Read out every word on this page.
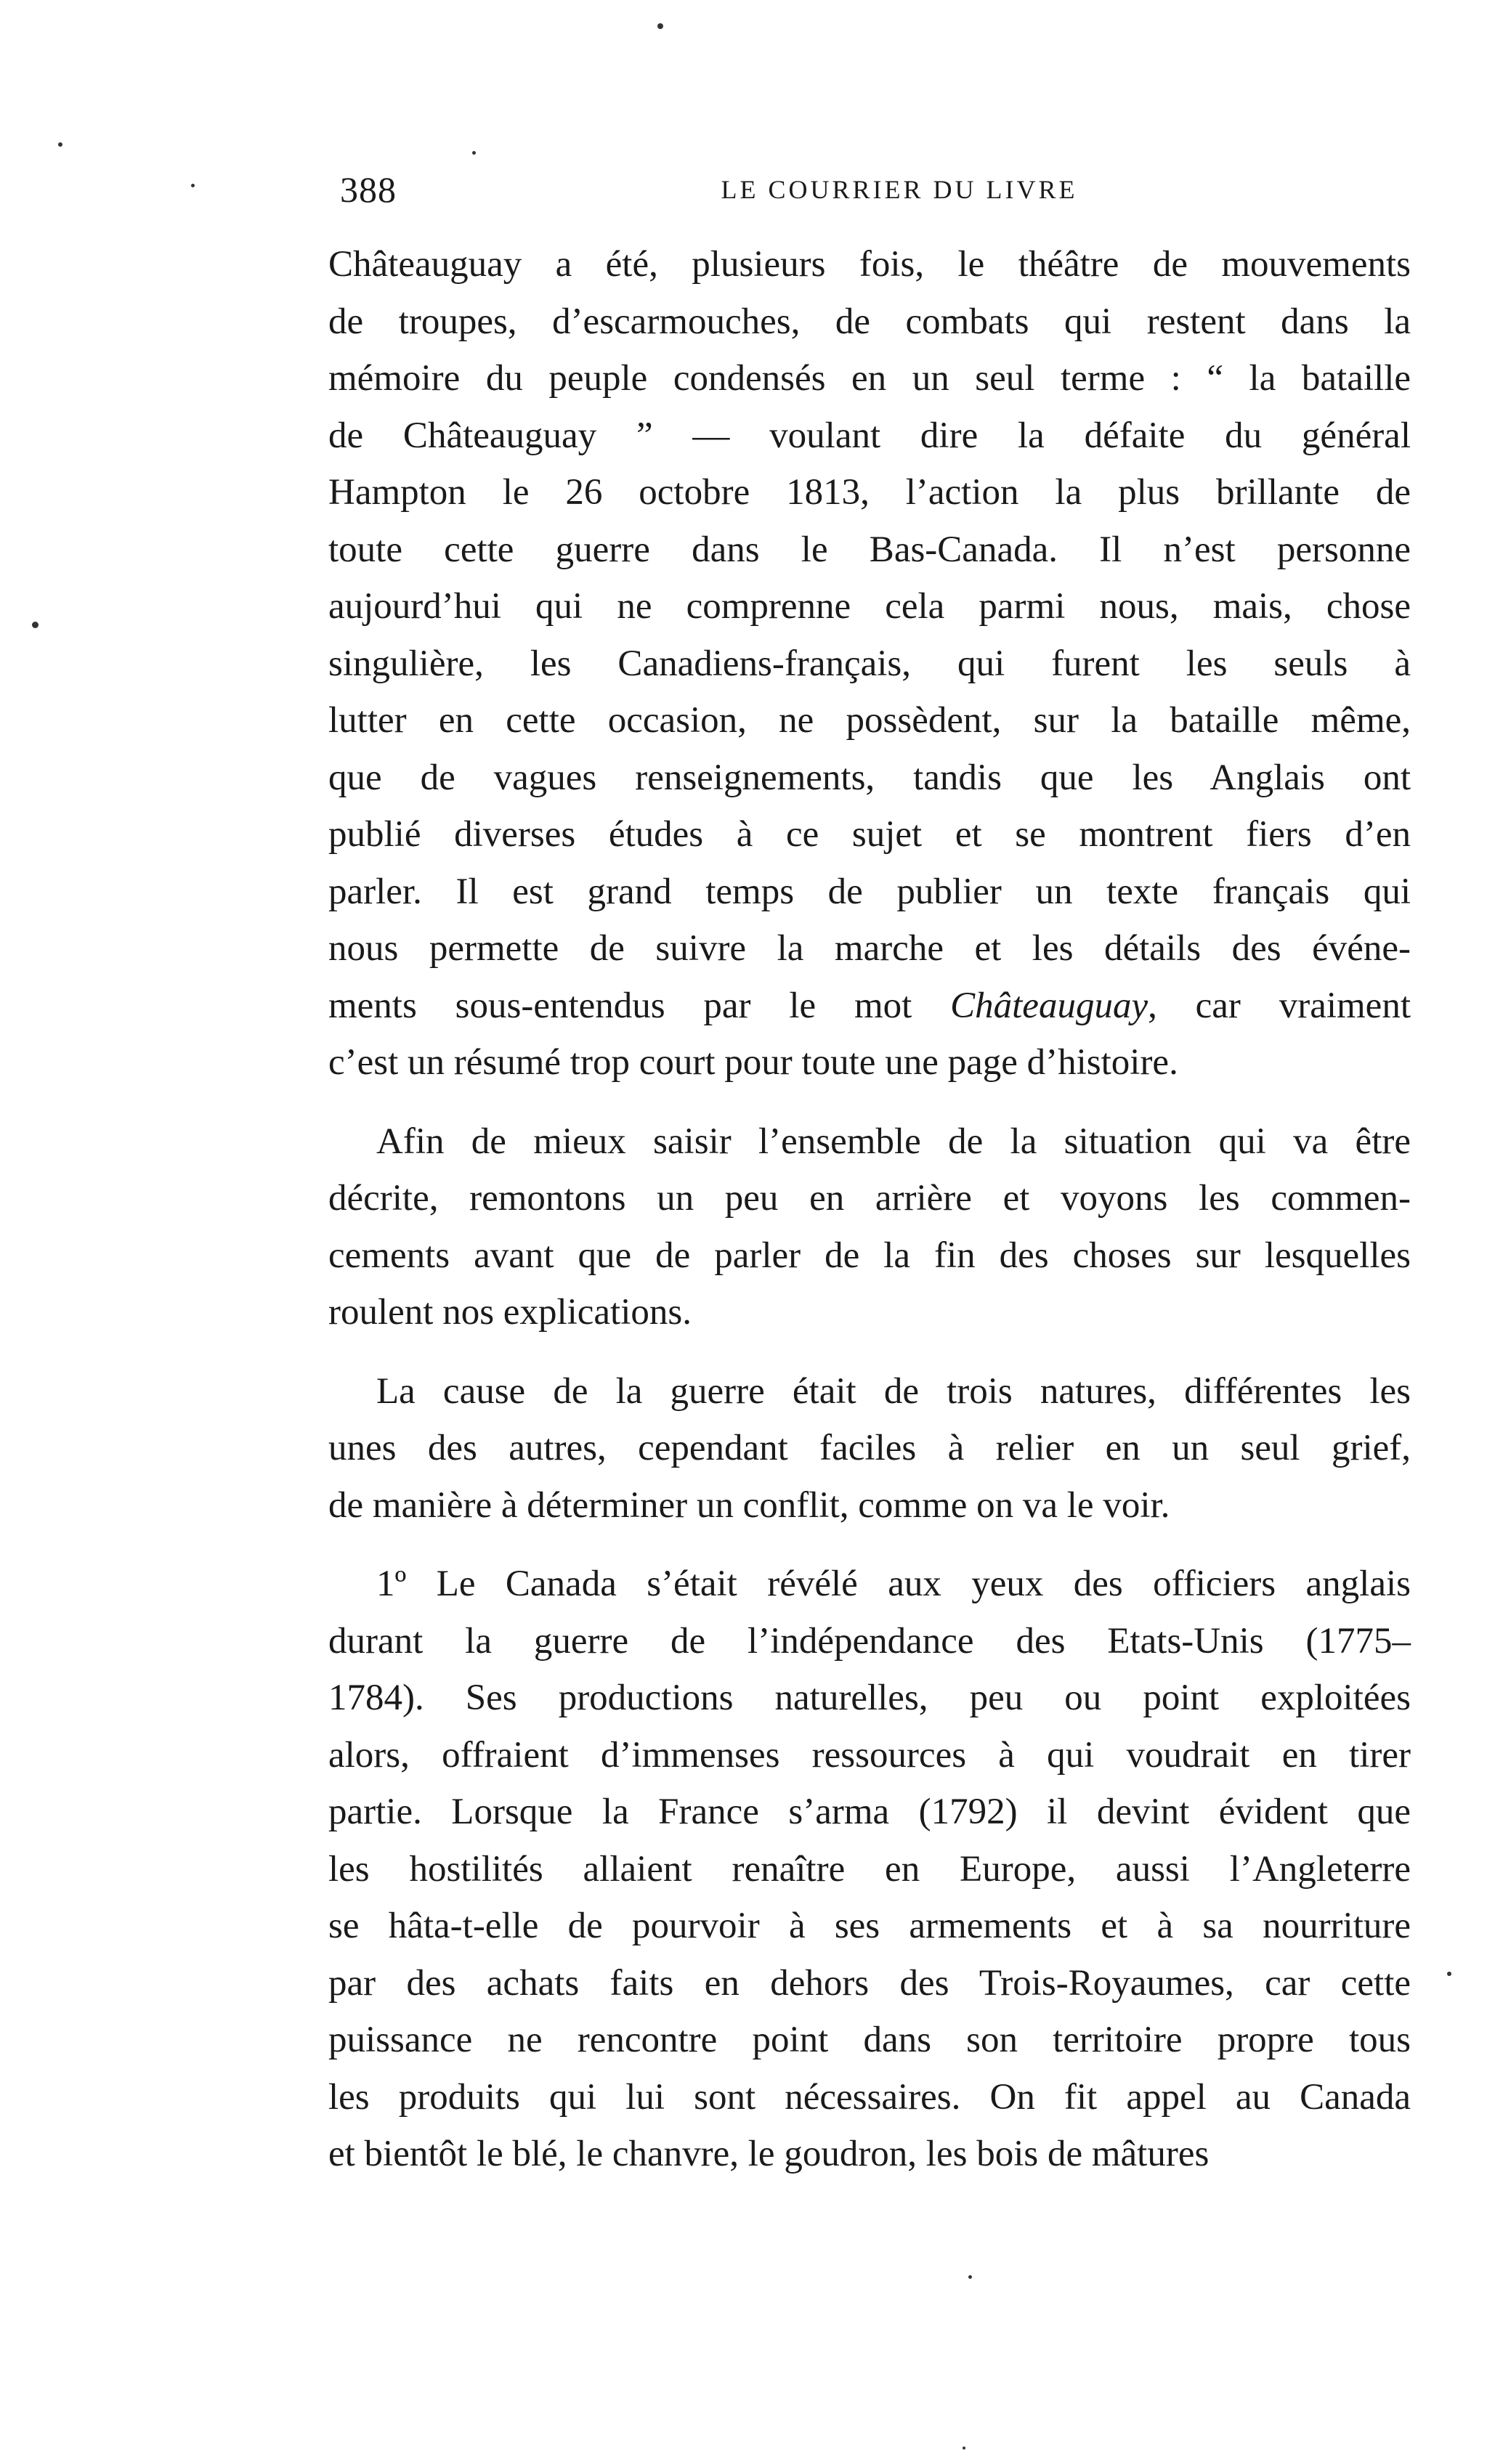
388	LE COURRIER DU LIVRE
Châteauguay a été, plusieurs fois, le théâtre de mouvements
de troupes, d’escarmouches, de combats qui restent dans la
mémoire du peuple condensés en un seul terme : “ la bataille
de Châteauguay ” — voulant dire la défaite du général
Hampton le 26 octobre 1813, l’action la plus brillante de
toute cette guerre dans le Bas-Canada. Il n’est personne
aujourd’hui qui ne comprenne cela parmi nous, mais, chose
singulière, les Canadiens-français, qui furent les seuls à
lutter en cette occasion, ne possèdent, sur la bataille même,
que de vagues renseignements, tandis que les Anglais ont
publié diverses études à ce sujet et se montrent fiers d’en
parler. Il est grand temps de publier un texte français qui
nous permette de suivre la marche et les détails des événe-
ments sous-entendus par le mot Châteauguay, car vraiment
c’est un résumé trop court pour toute une page d’histoire.
Afin de mieux saisir l’ensemble de la situation qui va être
décrite, remontons un peu en arrière et voyons les commen-
cements avant que de parler de la fin des choses sur lesquelles
roulent nos explications.
La cause de la guerre était de trois natures, différentes les
unes des autres, cependant faciles à relier en un seul grief,
de manière à déterminer un conflit, comme on va le voir.
1º Le Canada s’était révélé aux yeux des officiers anglais
durant la guerre de l’indépendance des Etats-Unis (1775–
1784). Ses productions naturelles, peu ou point exploitées
alors, offraient d’immenses ressources à qui voudrait en tirer
partie. Lorsque la France s’arma (1792) il devint évident que
les hostilités allaient renaître en Europe, aussi l’Angleterre
se hâta-t-elle de pourvoir à ses armements et à sa nourriture
par des achats faits en dehors des Trois-Royaumes, car cette
puissance ne rencontre point dans son territoire propre tous
les produits qui lui sont nécessaires. On fit appel au Canada
et bientôt le blé, le chanvre, le goudron, les bois de mâtures
